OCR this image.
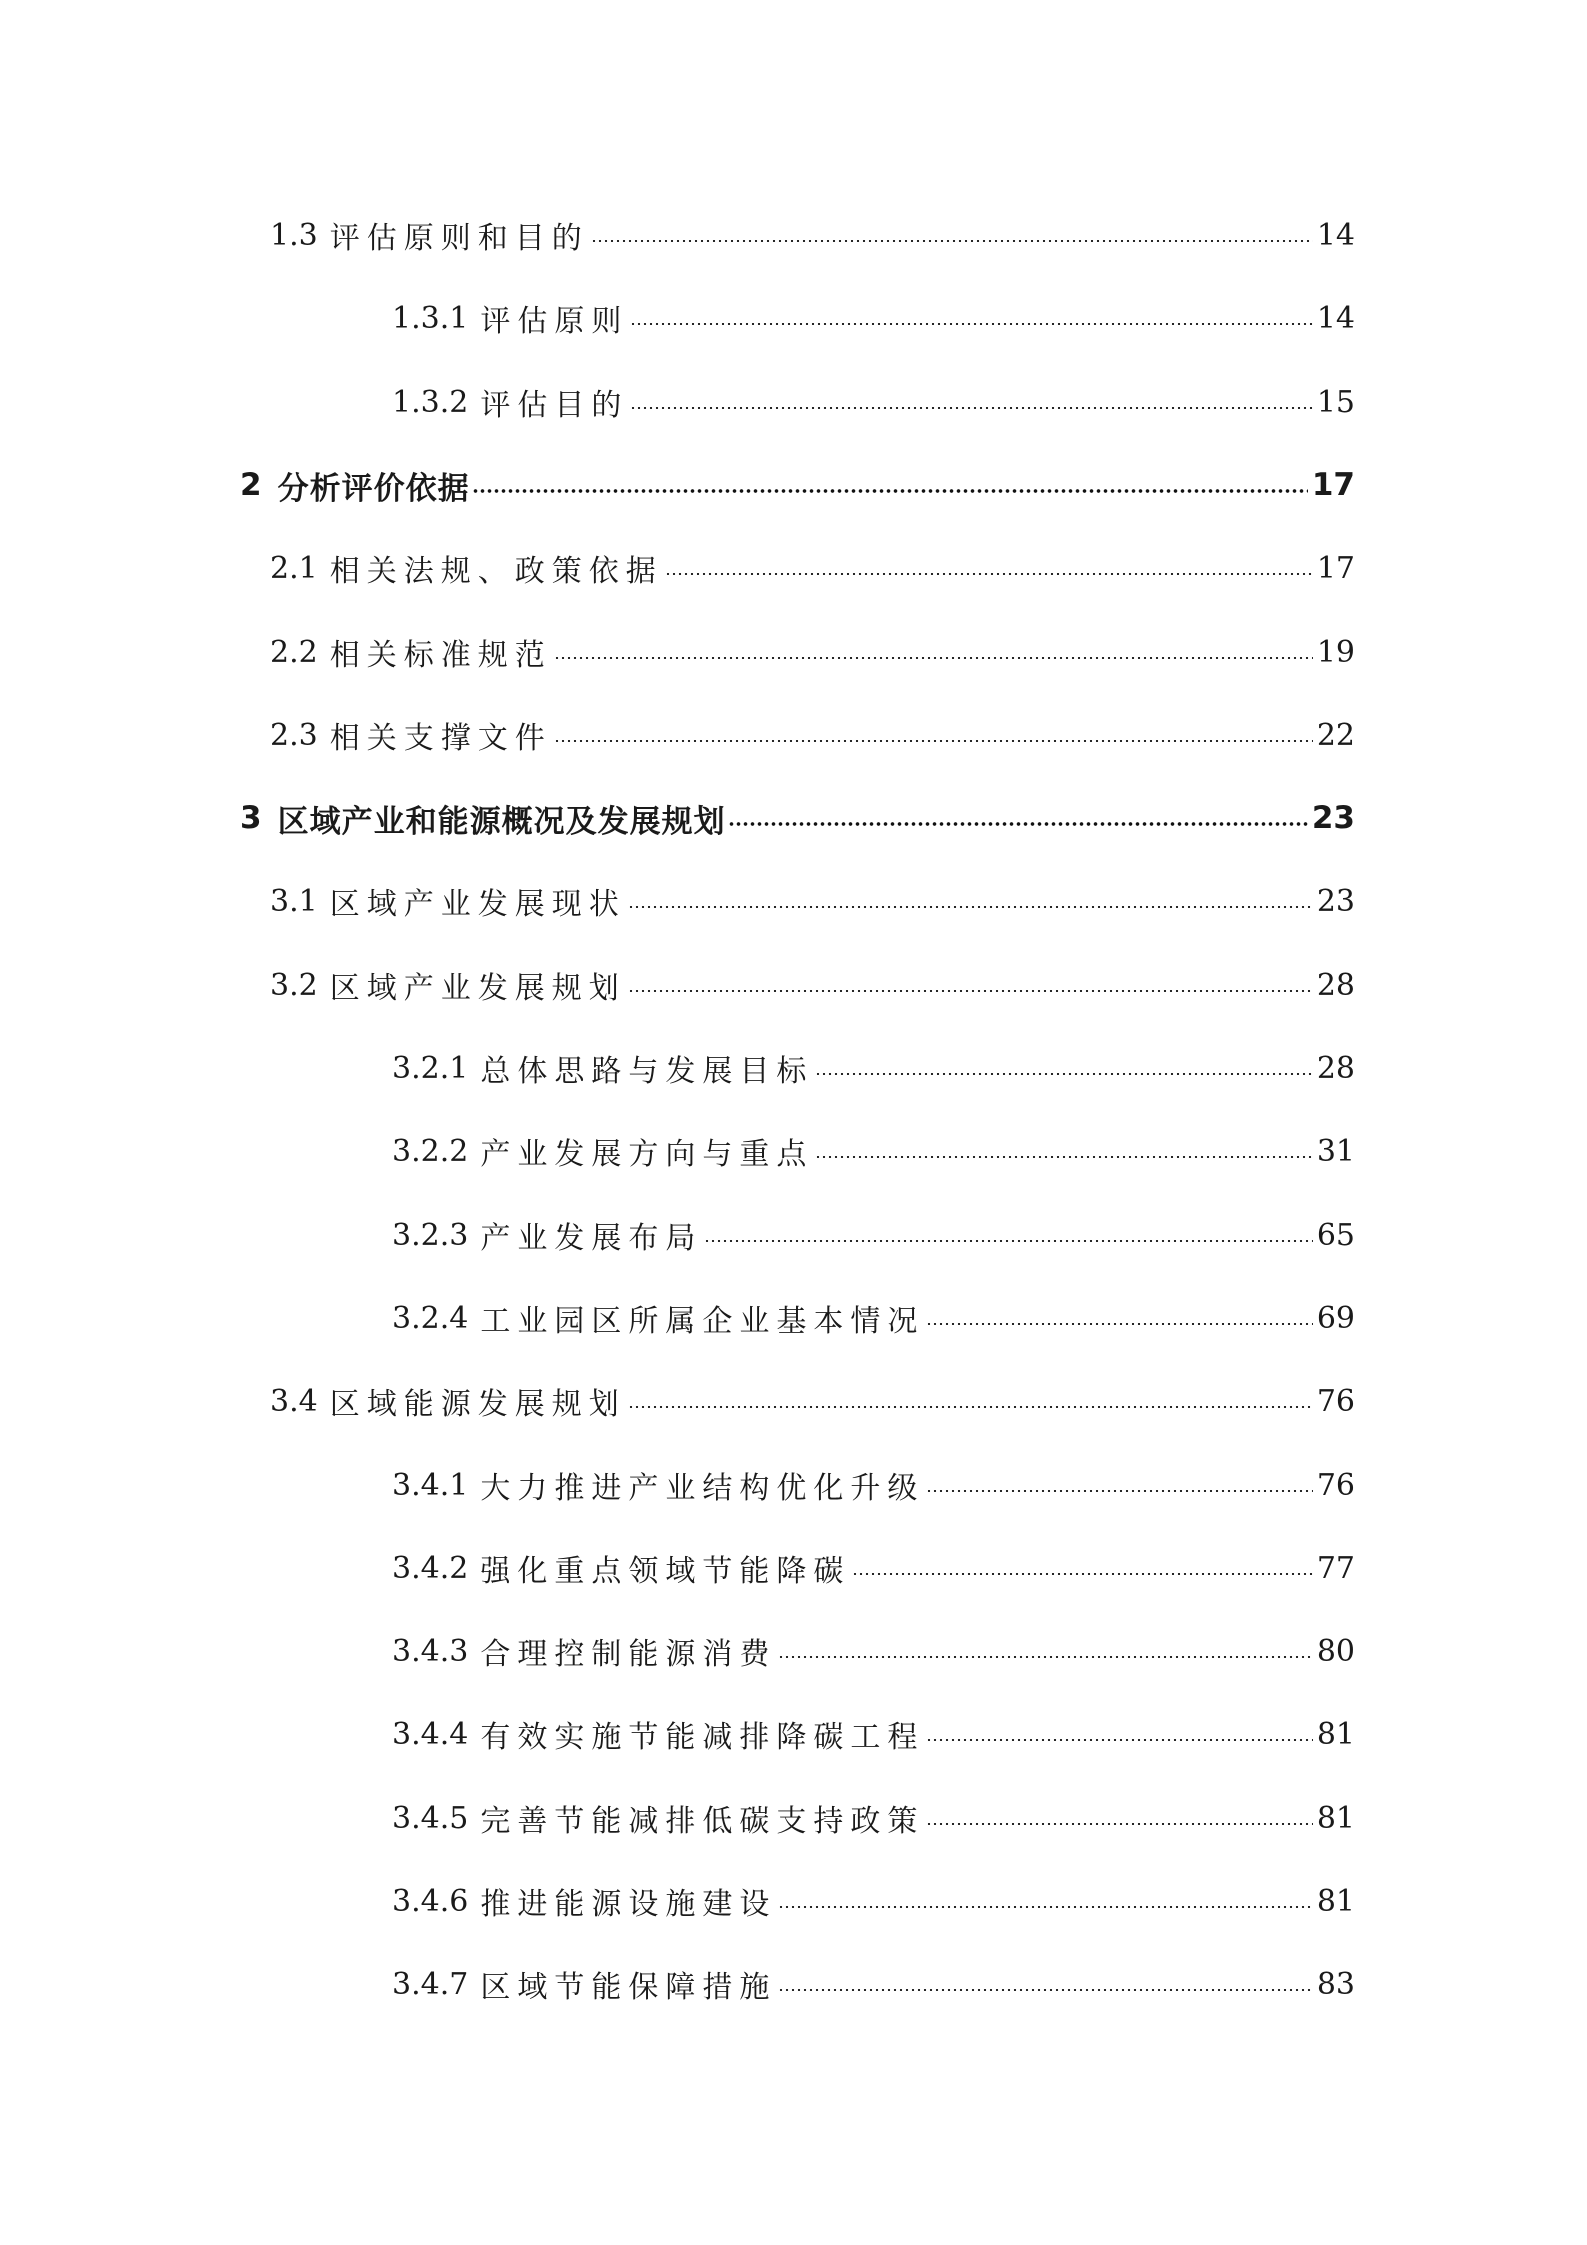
1.3 评估原则和目的	14
1.3.1 评估原则	14
1.3.2 评估目的	15
2 分析评价依据	17
2.1 相关法规、政策依据	17
2.2 相关标准规范	19
2.3 相关支撑文件	22
3 区域产业和能源概况及发展规划	23
3.1 区域产业发展现状	23
3.2 区域产业发展规划	28
3.2.1 总体思路与发展目标	28
3.2.2 产业发展方向与重点	31
3.2.3 产业发展布局	65
3.2.4 工业园区所属企业基本情况	69
3.4 区域能源发展规划	76
3.4.1 大力推进产业结构优化升级	76
3.4.2 强化重点领域节能降碳	77
3.4.3 合理控制能源消费	80
3.4.4 有效实施节能减排降碳工程	81
3.4.5 完善节能减排低碳支持政策	81
3.4.6 推进能源设施建设	81
3.4.7 区域节能保障措施	83
